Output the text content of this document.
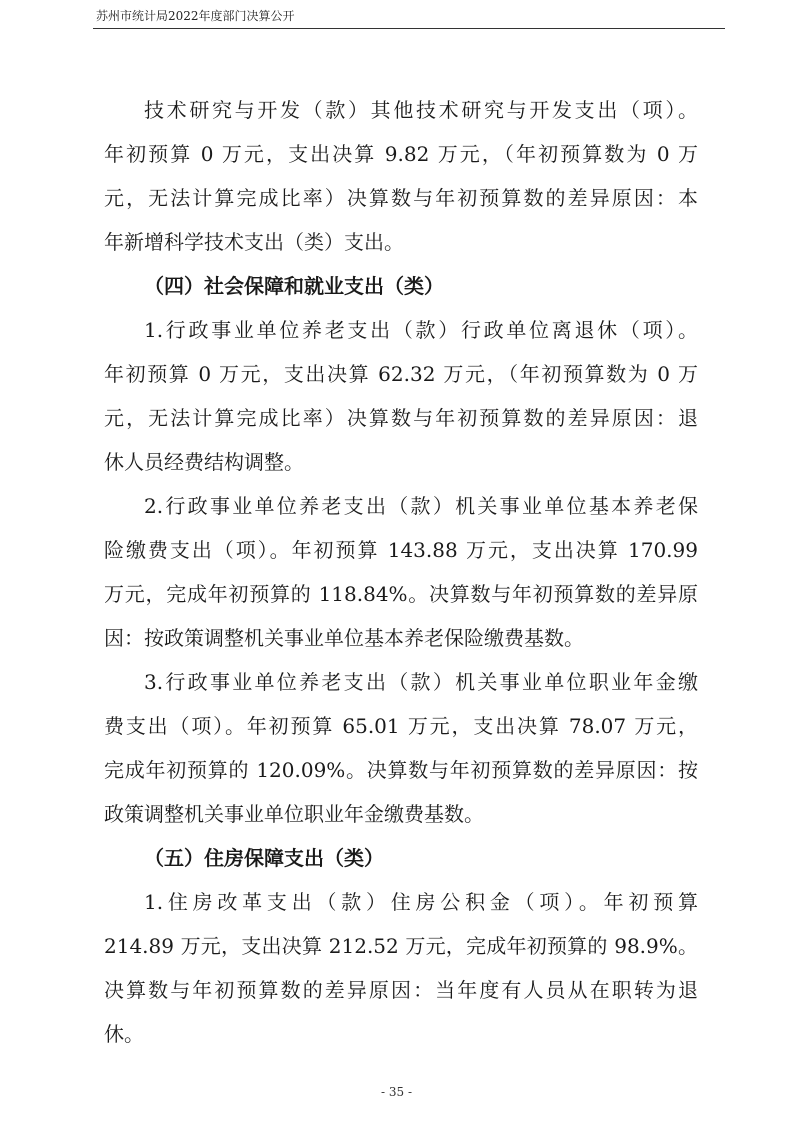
苏州市统计局2022年度部门决算公开
技术研究与开发（款）其他技术研究与开发支出（项）。
年初预算 0 万元，支出决算 9.82 万元，（年初预算数为 0 万
元，无法计算完成比率）决算数与年初预算数的差异原因：本
年新增科学技术支出（类）支出。
（四）社会保障和就业支出（类）
1.行政事业单位养老支出（款）行政单位离退休（项）。
年初预算 0 万元，支出决算 62.32 万元，（年初预算数为 0 万
元，无法计算完成比率）决算数与年初预算数的差异原因：退
休人员经费结构调整。
2.行政事业单位养老支出（款）机关事业单位基本养老保
险缴费支出（项）。年初预算 143.88 万元，支出决算 170.99
万元，完成年初预算的 118.84%。决算数与年初预算数的差异原
因：按政策调整机关事业单位基本养老保险缴费基数。
3.行政事业单位养老支出（款）机关事业单位职业年金缴
费支出（项）。年初预算 65.01 万元，支出决算 78.07 万元，
完成年初预算的 120.09%。决算数与年初预算数的差异原因：按
政策调整机关事业单位职业年金缴费基数。
（五）住房保障支出（类）
1.住房改革支出（款）住房公积金（项）。年初预算
214.89 万元，支出决算 212.52 万元，完成年初预算的 98.9%。
决算数与年初预算数的差异原因：当年度有人员从在职转为退
休。
- 35 -
